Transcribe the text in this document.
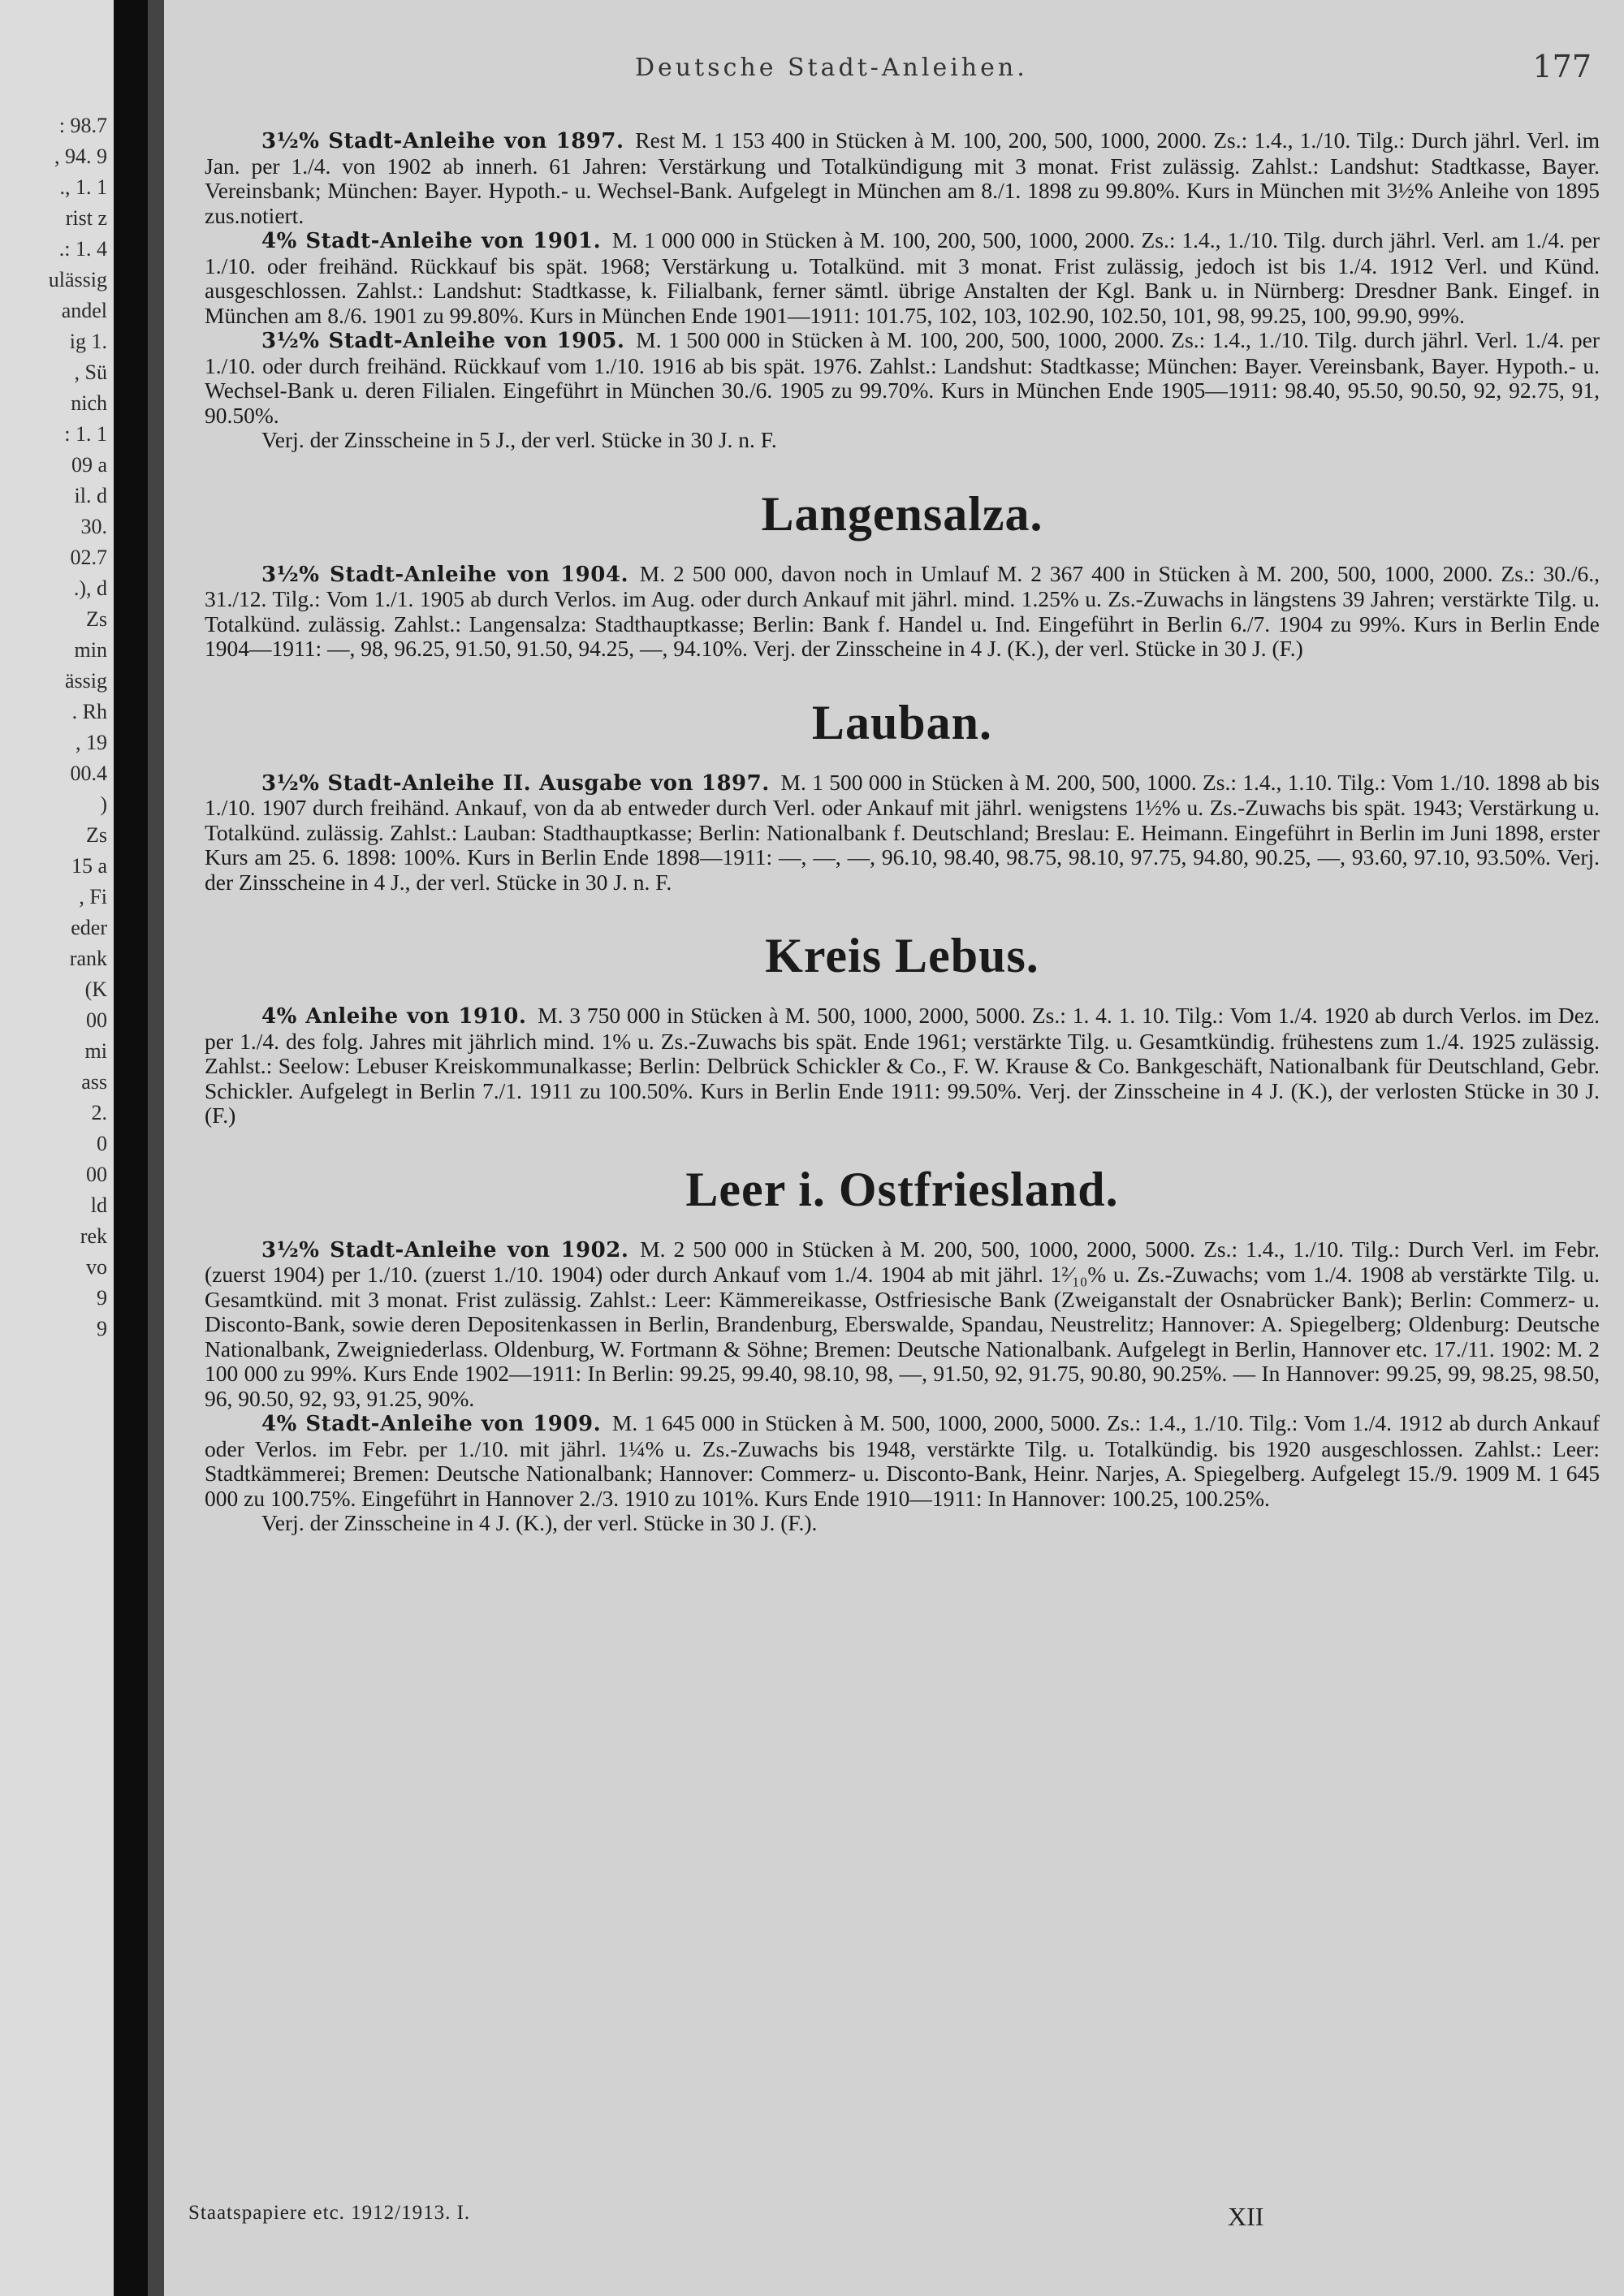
: 98.7
, 94. 9
., 1. 1
rist z
.: 1. 4
ulässig
andel
ig 1.
, Sü
nich
: 1. 1
09 a
il. d
30.
02.7
.), d
Zs
min
ässig
. Rh
, 19
00.4
)
Zs
15 a
, Fi
eder
rank
(K
00
mi
ass
2.
0
00
ld
rek
vo
9
9
Deutsche Stadt-Anleihen.	177

3½% Stadt-Anleihe von 1897.  Rest M. 1 153 400 in Stücken à M. 100, 200, 500, 1000, 2000. Zs.: 1.4., 1./10. Tilg.: Durch jährl. Verl. im Jan. per 1./4. von 1902 ab innerh. 61 Jahren: Verstärkung und Totalkündigung mit 3 monat. Frist zulässig. Zahlst.: Landshut: Stadtkasse, Bayer. Vereinsbank; München: Bayer. Hypoth.- u. Wechsel-Bank. Aufgelegt in München am 8./1. 1898 zu 99.80%. Kurs in München mit 3½% Anleihe von 1895 zus.notiert.

4% Stadt-Anleihe von 1901.  M. 1 000 000 in Stücken à M. 100, 200, 500, 1000, 2000. Zs.: 1.4., 1./10. Tilg. durch jährl. Verl. am 1./4. per 1./10. oder freihänd. Rückkauf bis spät. 1968; Verstärkung u. Totalkünd. mit 3 monat. Frist zulässig, jedoch ist bis 1./4. 1912 Verl. und Künd. ausgeschlossen. Zahlst.: Landshut: Stadtkasse, k. Filialbank, ferner sämtl. übrige Anstalten der Kgl. Bank u. in Nürnberg: Dresdner Bank. Eingef. in München am 8./6. 1901 zu 99.80%. Kurs in München Ende 1901—1911: 101.75, 102, 103, 102.90, 102.50, 101, 98, 99.25, 100, 99.90, 99%.

3½% Stadt-Anleihe von 1905.  M. 1 500 000 in Stücken à M. 100, 200, 500, 1000, 2000. Zs.: 1.4., 1./10. Tilg. durch jährl. Verl. 1./4. per 1./10. oder durch freihänd. Rückkauf vom 1./10. 1916 ab bis spät. 1976. Zahlst.: Landshut: Stadtkasse; München: Bayer. Vereinsbank, Bayer. Hypoth.- u. Wechsel-Bank u. deren Filialen. Eingeführt in München 30./6. 1905 zu 99.70%. Kurs in München Ende 1905—1911: 98.40, 95.50, 90.50, 92, 92.75, 91, 90.50%.

Verj. der Zinsscheine in 5 J., der verl. Stücke in 30 J. n. F.

Langensalza.

3½% Stadt-Anleihe von 1904.  M. 2 500 000, davon noch in Umlauf M. 2 367 400 in Stücken à M. 200, 500, 1000, 2000. Zs.: 30./6., 31./12. Tilg.: Vom 1./1. 1905 ab durch Verlos. im Aug. oder durch Ankauf mit jährl. mind. 1.25% u. Zs.-Zuwachs in längstens 39 Jahren; verstärkte Tilg. u. Totalkünd. zulässig. Zahlst.: Langensalza: Stadthauptkasse; Berlin: Bank f. Handel u. Ind. Eingeführt in Berlin 6./7. 1904 zu 99%. Kurs in Berlin Ende 1904—1911: —, 98, 96.25, 91.50, 91.50, 94.25, —, 94.10%. Verj. der Zinsscheine in 4 J. (K.), der verl. Stücke in 30 J. (F.)

Lauban.

3½% Stadt-Anleihe II. Ausgabe von 1897.  M. 1 500 000 in Stücken à M. 200, 500, 1000. Zs.: 1.4., 1.10. Tilg.: Vom 1./10. 1898 ab bis 1./10. 1907 durch freihänd. Ankauf, von da ab entweder durch Verl. oder Ankauf mit jährl. wenigstens 1½% u. Zs.-Zuwachs bis spät. 1943; Verstärkung u. Totalkünd. zulässig. Zahlst.: Lauban: Stadthauptkasse; Berlin: Nationalbank f. Deutschland; Breslau: E. Heimann. Eingeführt in Berlin im Juni 1898, erster Kurs am 25. 6. 1898: 100%. Kurs in Berlin Ende 1898—1911: —, —, —, 96.10, 98.40, 98.75, 98.10, 97.75, 94.80, 90.25, —, 93.60, 97.10, 93.50%. Verj. der Zinsscheine in 4 J., der verl. Stücke in 30 J. n. F.

Kreis Lebus.

4% Anleihe von 1910.  M. 3 750 000 in Stücken à M. 500, 1000, 2000, 5000. Zs.: 1. 4. 1. 10. Tilg.: Vom 1./4. 1920 ab durch Verlos. im Dez. per 1./4. des folg. Jahres mit jährlich mind. 1% u. Zs.-Zuwachs bis spät. Ende 1961; verstärkte Tilg. u. Gesamtkündig. frühestens zum 1./4. 1925 zulässig. Zahlst.: Seelow: Lebuser Kreiskommunalkasse; Berlin: Delbrück Schickler & Co., F. W. Krause & Co. Bankgeschäft, Nationalbank für Deutschland, Gebr. Schickler. Aufgelegt in Berlin 7./1. 1911 zu 100.50%. Kurs in Berlin Ende 1911: 99.50%. Verj. der Zinsscheine in 4 J. (K.), der verlosten Stücke in 30 J. (F.)

Leer i. Ostfriesland.

3½% Stadt-Anleihe von 1902.  M. 2 500 000 in Stücken à M. 200, 500, 1000, 2000, 5000. Zs.: 1.4., 1./10. Tilg.: Durch Verl. im Febr. (zuerst 1904) per 1./10. (zuerst 1./10. 1904) oder durch Ankauf vom 1./4. 1904 ab mit jährl. 1²⁄₁₀% u. Zs.-Zuwachs; vom 1./4. 1908 ab verstärkte Tilg. u. Gesamtkünd. mit 3 monat. Frist zulässig. Zahlst.: Leer: Kämmereikasse, Ostfriesische Bank (Zweiganstalt der Osnabrücker Bank); Berlin: Commerz- u. Disconto-Bank, sowie deren Depositenkassen in Berlin, Brandenburg, Eberswalde, Spandau, Neustrelitz; Hannover: A. Spiegelberg; Oldenburg: Deutsche Nationalbank, Zweigniederlass. Oldenburg, W. Fortmann & Söhne; Bremen: Deutsche Nationalbank. Aufgelegt in Berlin, Hannover etc. 17./11. 1902: M. 2 100 000 zu 99%. Kurs Ende 1902—1911: In Berlin: 99.25, 99.40, 98.10, 98, —, 91.50, 92, 91.75, 90.80, 90.25%. — In Hannover: 99.25, 99, 98.25, 98.50, 96, 90.50, 92, 93, 91.25, 90%.

4% Stadt-Anleihe von 1909.  M. 1 645 000 in Stücken à M. 500, 1000, 2000, 5000. Zs.: 1.4., 1./10. Tilg.: Vom 1./4. 1912 ab durch Ankauf oder Verlos. im Febr. per 1./10. mit jährl. 1¼% u. Zs.-Zuwachs bis 1948, verstärkte Tilg. u. Totalkündig. bis 1920 ausgeschlossen. Zahlst.: Leer: Stadtkämmerei; Bremen: Deutsche Nationalbank; Hannover: Commerz- u. Disconto-Bank, Heinr. Narjes, A. Spiegelberg. Aufgelegt 15./9. 1909 M. 1 645 000 zu 100.75%. Eingeführt in Hannover 2./3. 1910 zu 101%. Kurs Ende 1910—1911: In Hannover: 100.25, 100.25%.

Verj. der Zinsscheine in 4 J. (K.), der verl. Stücke in 30 J. (F.).

Staatspapiere etc. 1912/1913. I.	XII
